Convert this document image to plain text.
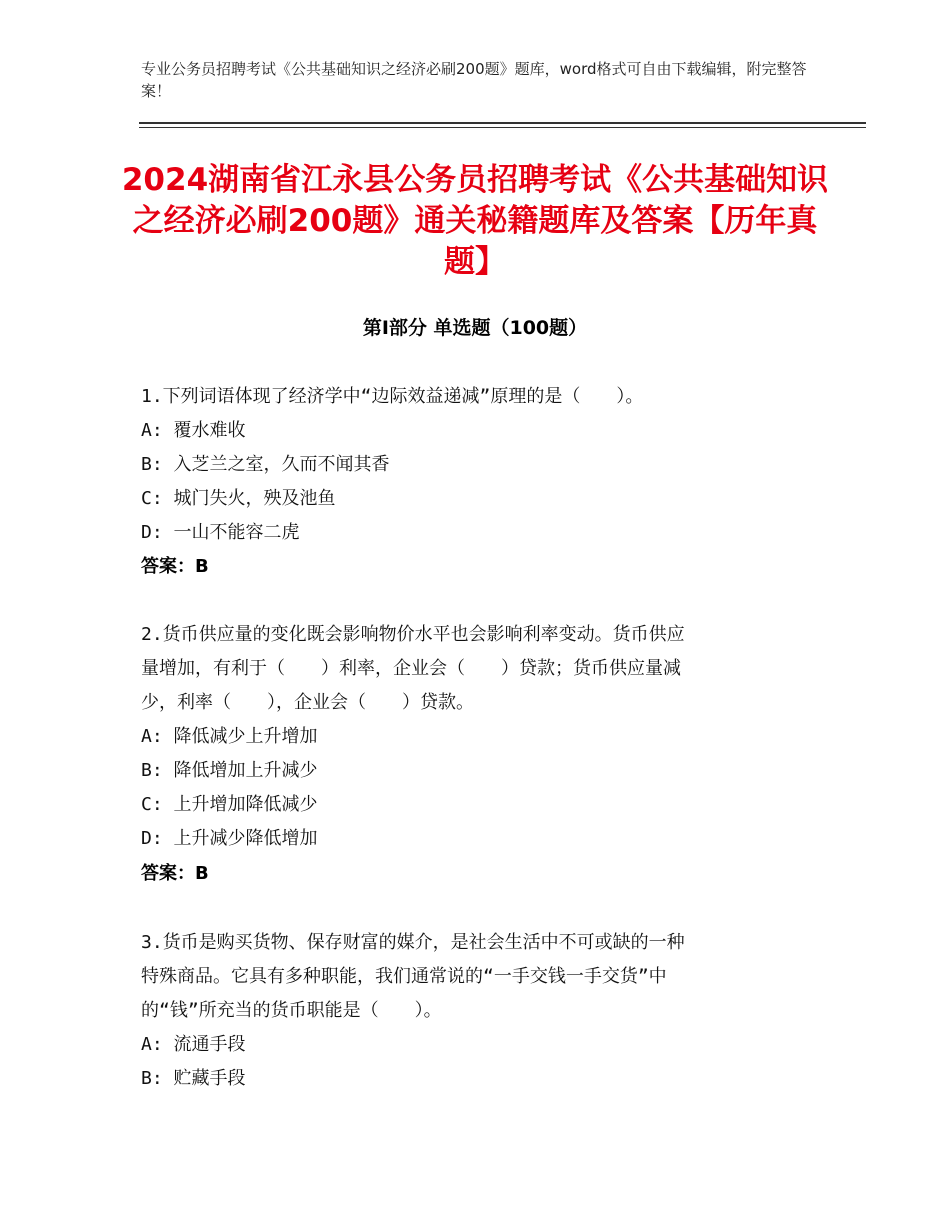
专业公务员招聘考试《公共基础知识之经济必刷200题》题库，word格式可自由下载编辑，附完整答案！
2024湖南省江永县公务员招聘考试《公共基础知识之经济必刷200题》通关秘籍题库及答案【历年真题】
第Ⅰ部分 单选题（100题）
1.下列词语体现了经济学中“边际效益递减”原理的是（　　）。
A: 覆水难收
B: 入芝兰之室，久而不闻其香
C: 城门失火，殃及池鱼
D: 一山不能容二虎
答案：B
2.货币供应量的变化既会影响物价水平也会影响利率变动。货币供应
量增加，有利于（　　）利率，企业会（　　）贷款；货币供应量减
少，利率（　　），企业会（　　）贷款。
A: 降低减少上升增加
B: 降低增加上升减少
C: 上升增加降低减少
D: 上升减少降低增加
答案：B
3.货币是购买货物、保存财富的媒介，是社会生活中不可或缺的一种
特殊商品。它具有多种职能，我们通常说的“一手交钱一手交货”中
的“钱”所充当的货币职能是（　　）。
A: 流通手段
B: 贮藏手段
